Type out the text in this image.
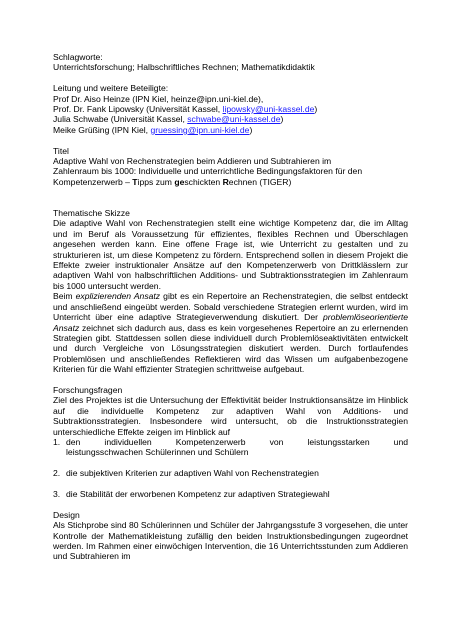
Schlagworte:

Unterrichtsforschung; Halbschriftliches Rechnen; Mathematikdidaktik

Leitung und weitere Beteiligte:

Prof Dr. Aiso Heinze (IPN Kiel, heinze@ipn.uni-kiel.de),

Prof. Dr. Fank Lipowsky (Universität Kassel, lipowsky@uni-kassel.de)

Julia Schwabe (Universität Kassel, schwabe@uni-kassel.de)

Meike Grüßing (IPN Kiel, gruessing@ipn.uni-kiel.de)

Titel

Adaptive Wahl von Rechenstrategien beim Addieren und Subtrahieren im

Zahlenraum bis 1000: Individuelle und unterrichtliche Bedingungsfaktoren für den

Kompetenzerwerb – Tipps zum geschickten Rechnen (TIGER)

Thematische Skizze

Die adaptive Wahl von Rechenstrategien stellt eine wichtige Kompetenz dar, die im Alltag und im Beruf als Voraussetzung für effizientes, flexibles Rechnen und Überschlagen angesehen werden kann. Eine offene Frage ist, wie Unterricht zu gestalten und zu strukturieren ist, um diese Kompetenz zu fördern. Entsprechend sollen in diesem Projekt die Effekte zweier instruktionaler Ansätze auf den Kompetenzerwerb von Drittklässlern zur adaptiven Wahl von halbschriftlichen Additions- und Subtraktionsstrategien im Zahlenraum bis 1000 untersucht werden.

Beim explizierenden Ansatz gibt es ein Repertoire an Rechenstrategien, die selbst entdeckt und anschließend eingeübt werden. Sobald verschiedene Strategien erlernt wurden, wird im Unterricht über eine adaptive Strategieverwendung diskutiert. Der problemlöseorientierte Ansatz zeichnet sich dadurch aus, dass es kein vorgesehenes Repertoire an zu erlernenden Strategien gibt. Stattdessen sollen diese individuell durch Problemlöseaktivitäten entwickelt und durch Vergleiche von Lösungsstrategien diskutiert werden. Durch fortlaufendes Problemlösen und anschließendes Reflektieren wird das Wissen um aufgabenbezogene Kriterien für die Wahl effizienter Strategien schrittweise aufgebaut.

Forschungsfragen

Ziel des Projektes ist die Untersuchung der Effektivität beider Instruktionsansätze im Hinblick auf die individuelle Kompetenz zur adaptiven Wahl von Additions- und Subtraktionsstrategien. Insbesondere wird untersucht, ob die Instruktionsstrategien unterschiedliche Effekte zeigen im Hinblick auf

1. den individuellen Kompetenzerwerb von leistungsstarken und
leistungsschwachen Schülerinnen und Schülern
2. die subjektiven Kriterien zur adaptiven Wahl von Rechenstrategien
3. die Stabilität der erworbenen Kompetenz zur adaptiven Strategiewahl

Design

Als Stichprobe sind 80 Schülerinnen und Schüler der Jahrgangsstufe 3 vorgesehen, die unter Kontrolle der Mathematikleistung zufällig den beiden Instruktionsbedingungen zugeordnet werden. Im Rahmen einer einwöchigen Intervention, die 16 Unterrichtsstunden zum Addieren und Subtrahieren im
